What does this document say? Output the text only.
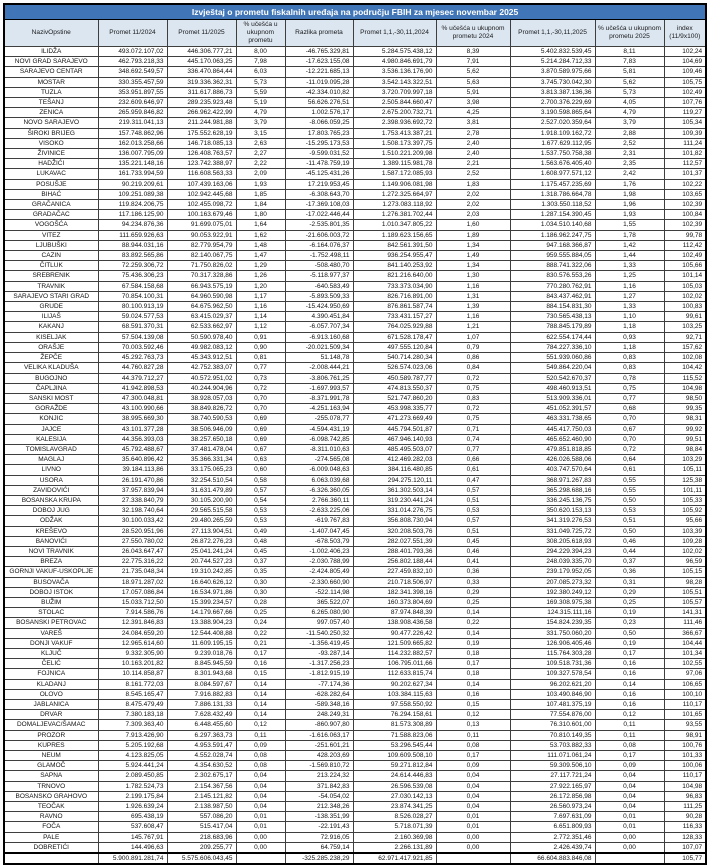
Izvještaj o prometu fiskalnih uređaja na području FBIH za mjesec novembar 2025									
NazivOpstine	Promet 11/2024	Promet 11/2025	% učešća u ukupnom prometu	Razlika prometa	Promet 1,1,-30,11,2024	% učešća u ukupnom prometu 2024	Promet 1,1,-30,11,2025	% učešća u ukupnom prometu 2025	index (11/9x100)
ILIDŽA	493.072.107,02	446.306.777,21	8,00	-46.765.329,81	5.284.575.438,12	8,39	5.402.832.539,45	8,11	102,24
NOVI GRAD SARAJEVO	462.793.218,33	445.170.063,25	7,98	-17.623.155,08	4.980.846.691,79	7,91	5.214.284.712,33	7,83	104,69
SARAJEVO CENTAR	348.692.549,57	336.470.864,44	6,03	-12.221.685,13	3.536.136.176,90	5,62	3.870.589.975,66	5,81	109,46
MOSTAR	330.355.457,59	319.336.362,31	5,73	-11.019.095,28	3.542.143.322,51	5,63	3.745.730.042,30	5,62	105,75
TUZLA	353.951.897,55	311.617.886,73	5,59	-42.334.010,82	3.720.709.997,18	5,91	3.813.387.136,36	5,73	102,49
TEŠANJ	232.609.646,97	289.235.923,48	5,19	56.626.276,51	2.505.844.660,47	3,98	2.700.376.229,69	4,05	107,76
ZENICA	265.959.846,82	266.962.422,99	4,79	1.002.576,17	2.675.200.732,71	4,25	3.190.598.865,64	4,79	119,27
NOVO SARAJEVO	219.311.041,13	211.244.981,88	3,79	-8.066.059,25	2.398.936.692,72	3,81	2.527.020.359,64	3,79	105,34
ŠIROKI BRIJEG	157.748.862,96	175.552.628,19	3,15	17.803.765,23	1.753.413.387,21	2,78	1.918.109.162,72	2,88	109,39
VISOKO	162.013.258,66	146.718.085,13	2,63	-15.295.173,53	1.508.173.397,75	2,40	1.677.629.112,95	2,52	111,24
ŽIVINICE	136.007.795,09	126.408.763,57	2,27	-9.599.031,52	1.510.221.209,98	2,40	1.537.750.758,38	2,31	101,82
HADŽIĆI	135.221.148,16	123.742.388,97	2,22	-11.478.759,19	1.389.115.981,78	2,21	1.563.676.405,40	2,35	112,57
LUKAVAC	161.733.994,59	116.608.563,33	2,09	-45.125.431,26	1.587.172.085,93	2,52	1.608.977.571,12	2,42	101,37
POSUŠJE	90.219.209,61	107.439.163,06	1,93	17.219.953,45	1.149.906.081,98	1,83	1.175.457.235,69	1,76	102,22
BIHAĆ	109.251.089,38	102.942.445,68	1,85	-6.308.643,70	1.272.325.664,97	2,02	1.318.786.664,78	1,98	103,65
GRAČANICA	119.824.206,75	102.455.098,72	1,84	-17.369.108,03	1.273.083.118,92	2,02	1.303.550.118,52	1,96	102,39
GRADAČAC	117.186.125,90	100.163.679,46	1,80	-17.022.446,44	1.276.381.702,44	2,03	1.287.154.390,45	1,93	100,84
VOGOŠĆA	94.234.876,36	91.699.075,01	1,64	-2.535.801,35	1.010.347.805,22	1,60	1.034.510.140,68	1,55	102,39
VITEZ	111.659.926,63	90.053.922,91	1,62	-21.606.003,72	1.189.623.156,65	1,89	1.186.962.247,75	1,78	99,78
LJUBUŠKI	88.944.031,16	82.779.954,79	1,48	-6.164.076,37	842.561.391,50	1,34	947.168.366,87	1,42	112,42
CAZIN	83.892.565,86	82.140.067,75	1,47	-1.752.498,11	936.254.955,47	1,49	959.555.884,05	1,44	102,49
ČITLUK	72.259.306,72	71.750.826,02	1,29	-508.480,70	841.140.253,92	1,34	888.741.322,06	1,33	105,66
SREBRENIK	75.436.306,23	70.317.328,86	1,26	-5.118.977,37	821.216.640,00	1,30	830.576.553,26	1,25	101,14
TRAVNIK	67.584.158,68	66.943.575,19	1,20	-640.583,49	733.373.034,90	1,16	770.280.762,91	1,16	105,03
SARAJEVO STARI GRAD	70.854.100,31	64.960.590,98	1,17	-5.893.509,33	826.716.891,00	1,31	843.437.462,91	1,27	102,02
GRUDE	80.100.913,19	64.675.962,50	1,16	-15.424.950,69	876.861.587,74	1,39	884.154.831,30	1,33	100,83
ILIJAŠ	59.024.577,53	63.415.029,37	1,14	4.390.451,84	733.431.157,27	1,16	730.565.438,13	1,10	99,61
KAKANJ	68.591.370,31	62.533.662,97	1,12	-6.057.707,34	764.025.929,88	1,21	788.845.179,89	1,18	103,25
KISELJAK	57.504.139,08	50.590.978,40	0,91	-6.913.160,68	671.528.178,47	1,07	622.554.174,44	0,93	92,71
ORAŠJE	70.003.592,46	49.982.083,12	0,90	-20.021.509,34	497.555.120,84	0,79	784.227.336,10	1,18	157,62
ŽEPČE	45.292.763,73	45.343.912,51	0,81	51.148,78	540.714.280,34	0,86	551.939.060,86	0,83	102,08
VELIKA KLADUŠA	44.760.827,28	42.752.383,07	0,77	-2.008.444,21	526.574.023,06	0,84	549.864.220,04	0,83	104,42
BUGOJNO	44.379.712,27	40.572.951,02	0,73	-3.806.761,25	450.589.787,77	0,72	520.542.670,37	0,78	115,52
ČAPLJINA	41.942.898,53	40.244.904,96	0,72	-1.697.993,57	474.813.550,37	0,75	498.460.913,51	0,75	104,98
SANSKI MOST	47.300.048,81	38.928.057,03	0,70	-8.371.991,78	521.747.860,20	0,83	513.909.336,01	0,77	98,50
GORAŽDE	43.100.990,66	38.849.826,72	0,70	-4.251.163,94	453.998.335,77	0,72	451.052.391,57	0,68	99,35
KONJIC	38.995.669,30	38.740.590,53	0,69	-255.078,77	471.273.669,49	0,75	463.331.738,65	0,70	98,31
JAJCE	43.101.377,28	38.506.946,09	0,69	-4.594.431,19	445.794.501,87	0,71	445.417.750,03	0,67	99,92
KALESIJA	44.356.393,03	38.257.650,18	0,69	-6.098.742,85	467.946.140,93	0,74	465.652.460,90	0,70	99,51
TOMISLAVGRAD	45.792.488,67	37.481.478,04	0,67	-8.311.010,63	485.495.503,07	0,77	479.851.818,85	0,72	98,84
MAGLAJ	35.640.896,42	35.366.331,34	0,63	-274.565,08	412.469.282,03	0,66	426.026.588,06	0,64	103,29
LIVNO	39.184.113,86	33.175.065,23	0,60	-6.009.048,63	384.116.480,85	0,61	403.747.570,64	0,61	105,11
USORA	26.191.470,86	32.254.510,54	0,58	6.063.039,68	294.275.120,11	0,47	368.971.267,83	0,55	125,38
ZAVIDOVIĆI	37.957.839,94	31.631.479,89	0,57	-6.326.360,05	361.302.503,14	0,57	365.298.688,16	0,55	101,11
BOSANSKA KRUPA	27.338.840,79	30.105.200,90	0,54	2.766.360,11	319.230.441,24	0,51	336.245.136,75	0,50	105,33
DOBOJ JUG	32.198.740,64	29.565.515,58	0,53	-2.633.225,06	331.014.276,75	0,53	350.620.153,13	0,53	105,92
ODŽAK	30.100.033,42	29.480.265,59	0,53	-619.767,83	356.808.730,94	0,57	341.319.276,53	0,51	95,66
KREŠEVO	28.520.951,96	27.113.904,51	0,49	-1.407.047,45	320.208.503,76	0,51	331.049.725,72	0,50	103,39
BANOVIĆI	27.550.780,02	26.872.276,23	0,48	-678.503,79	282.027.551,39	0,45	308.205.618,93	0,46	109,28
NOVI TRAVNIK	26.043.647,47	25.041.241,24	0,45	-1.002.406,23	288.401.793,36	0,46	294.229.394,23	0,44	102,02
BREZA	22.775.316,22	20.744.527,23	0,37	-2.030.788,99	256.802.188,44	0,41	248.039.335,70	0,37	96,59
GORNJI VAKUF-USKOPLJE	21.735.048,34	19.310.242,85	0,35	-2.424.805,49	227.459.832,10	0,36	239.179.952,05	0,36	105,15
BUSOVAČA	18.971.287,02	16.640.626,12	0,30	-2.330.660,90	210.718.506,97	0,33	207.085.273,32	0,31	98,28
DOBOJ ISTOK	17.057.086,84	16.534.971,86	0,30	-522.114,98	182.341.398,16	0,29	192.380.249,12	0,29	105,51
BUŽIM	15.033.712,50	15.399.234,57	0,28	365.522,07	160.373.804,69	0,25	169.308.975,38	0,25	105,57
STOLAC	7.914.586,76	14.179.667,66	0,25	6.265.080,90	87.974.848,39	0,14	124.315.111,16	0,19	141,31
BOSANSKI PETROVAC	12.391.846,83	13.388.904,23	0,24	997.057,40	138.908.436,58	0,22	154.824.239,35	0,23	111,46
VAREŠ	24.084.659,20	12.544.408,88	0,22	-11.540.250,32	90.477.226,42	0,14	331.750.060,20	0,50	366,67
DONJI VAKUF	12.965.614,60	11.609.195,15	0,21	-1.356.419,45	121.509.665,82	0,19	126.906.405,46	0,19	104,44
KLJUČ	9.332.305,90	9.239.018,76	0,17	-93.287,14	114.232.882,57	0,18	115.764.303,28	0,17	101,34
ČELIĆ	10.163.201,82	8.845.945,59	0,16	-1.317.256,23	106.795.011,66	0,17	109.518.731,36	0,16	102,55
FOJNICA	10.114.858,87	8.301.943,68	0,15	-1.812.915,19	112.633.815,74	0,18	109.327.578,54	0,16	97,06
KLADANJ	8.161.772,03	8.084.597,67	0,14	-77.174,36	90.202.627,34	0,14	96.202.621,20	0,14	106,65
OLOVO	8.545.165,47	7.916.882,83	0,14	-628.282,64	103.384.115,63	0,16	103.490.846,90	0,16	100,10
JABLANICA	8.475.479,49	7.886.131,33	0,14	-589.348,16	97.558.550,92	0,15	107.481.375,19	0,16	110,17
DRVAR	7.380.183,18	7.628.432,49	0,14	248.249,31	76.294.158,61	0,12	77.554.876,00	0,12	101,65
DOMALJEVAC/ŠAMAC	7.309.363,40	6.448.455,60	0,12	-860.907,80	81.573.308,89	0,13	76.310.601,00	0,11	93,55
PROZOR	7.913.426,90	6.297.363,73	0,11	-1.616.063,17	71.588.823,06	0,11	70.810.149,35	0,11	98,91
KUPRES	5.205.192,68	4.953.591,47	0,09	-251.601,21	53.296.545,44	0,08	53.703.882,33	0,08	100,76
NEUM	4.123.825,05	4.552.028,74	0,08	428.203,69	109.609.508,10	0,17	111.071.061,24	0,17	101,33
GLAMOČ	5.924.441,24	4.354.630,52	0,08	-1.569.810,72	59.271.812,84	0,09	59.309.506,10	0,09	100,06
SAPNA	2.089.450,85	2.302.675,17	0,04	213.224,32	24.614.446,83	0,04	27.117.721,24	0,04	110,17
TRNOVO	1.782.524,73	2.154.367,56	0,04	371.842,83	26.596.539,08	0,04	27.922.165,97	0,04	104,98
BOSANSKO GRAHOVO	2.199.175,84	2.145.121,82	0,04	-54.054,02	27.030.142,13	0,04	26.172.856,98	0,04	96,83
TEOČAK	1.926.639,24	2.138.987,50	0,04	212.348,26	23.874.341,25	0,04	26.560.973,24	0,04	111,25
RAVNO	695.438,19	557.086,20	0,01	-138.351,99	8.526.028,27	0,01	7.697.631,09	0,01	90,28
FOČA	537.608,47	515.417,04	0,01	-22.191,43	5.718.071,39	0,01	6.651.809,93	0,01	116,33
PALE	145.767,91	218.683,96	0,00	72.916,05	2.160.369,98	0,00	2.772.351,46	0,00	128,33
DOBRETIĆI	144.496,63	209.255,77	0,00	64.759,14	2.266.131,89	0,00	2.426.439,74	0,00	107,07
	5.900.891.281,74	5.575.606.043,45		-325.285.238,29	62.971.417.921,85		66.604.883.846,08		105,77
